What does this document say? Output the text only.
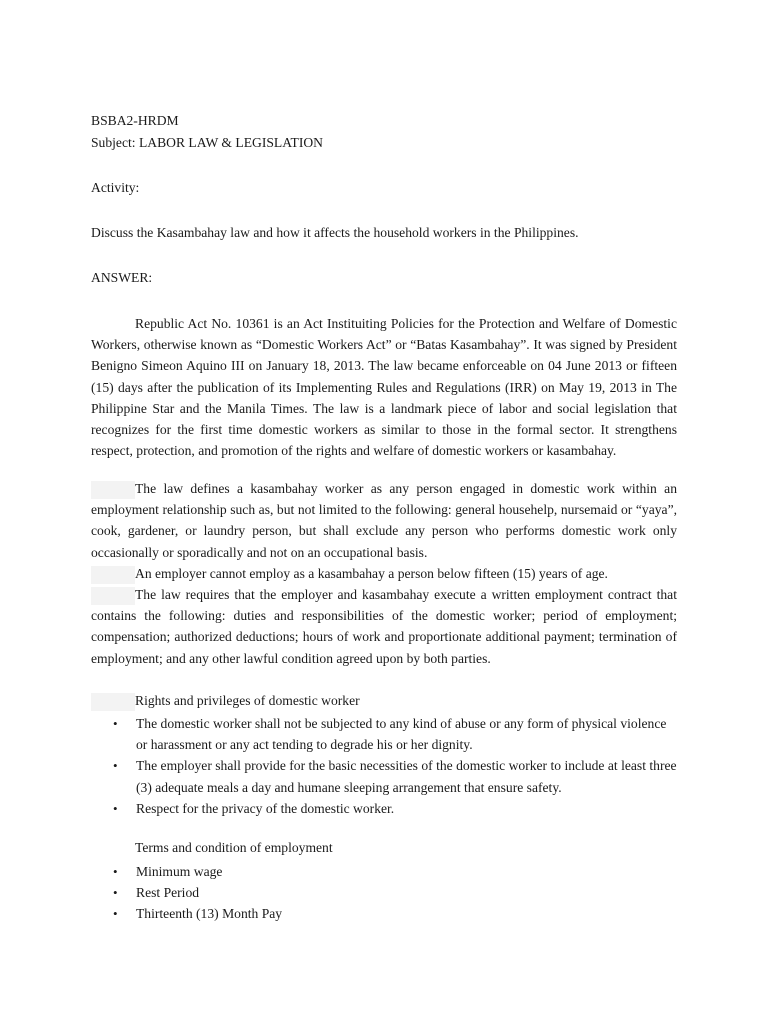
BSBA2-HRDM
Subject: LABOR LAW & LEGISLATION
Activity:
Discuss the Kasambahay law and how it affects the household workers in the Philippines.
ANSWER:

Republic Act No. 10361 is an Act Instituiting Policies for the Protection and Welfare of Domestic Workers, otherwise known as “Domestic Workers Act” or “Batas Kasambahay”. It was signed by President Benigno Simeon Aquino III on January 18, 2013. The law became enforceable on 04 June 2013 or fifteen (15) days after the publication of its Implementing Rules and Regulations (IRR) on May 19, 2013 in The Philippine Star and the Manila Times. The law is a landmark piece of labor and social legislation that recognizes for the first time domestic workers as similar to those in the formal sector. It strengthens respect, protection, and promotion of the rights and welfare of domestic workers or kasambahay.

The law defines a kasambahay worker as any person engaged in domestic work within an employment relationship such as, but not limited to the following: general househelp, nursemaid or “yaya”, cook, gardener, or laundry person, but shall exclude any person who performs domestic work only occasionally or sporadically and not on an occupational basis.

An employer cannot employ as a kasambahay a person below fifteen (15) years of age.

The law requires that the employer and kasambahay execute a written employment contract that contains the following: duties and responsibilities of the domestic worker; period of employment; compensation; authorized deductions; hours of work and proportionate additional payment; termination of employment; and any other lawful condition agreed upon by both parties.

Rights and privileges of domestic worker

• The domestic worker shall not be subjected to any kind of abuse or any form of physical violence or harassment or any act tending to degrade his or her dignity.
• The employer shall provide for the basic necessities of the domestic worker to include at least three (3) adequate meals a day and humane sleeping arrangement that ensure safety.
• Respect for the privacy of the domestic worker.
Terms and condition of employment
• Minimum wage
• Rest Period
• Thirteenth (13) Month Pay
